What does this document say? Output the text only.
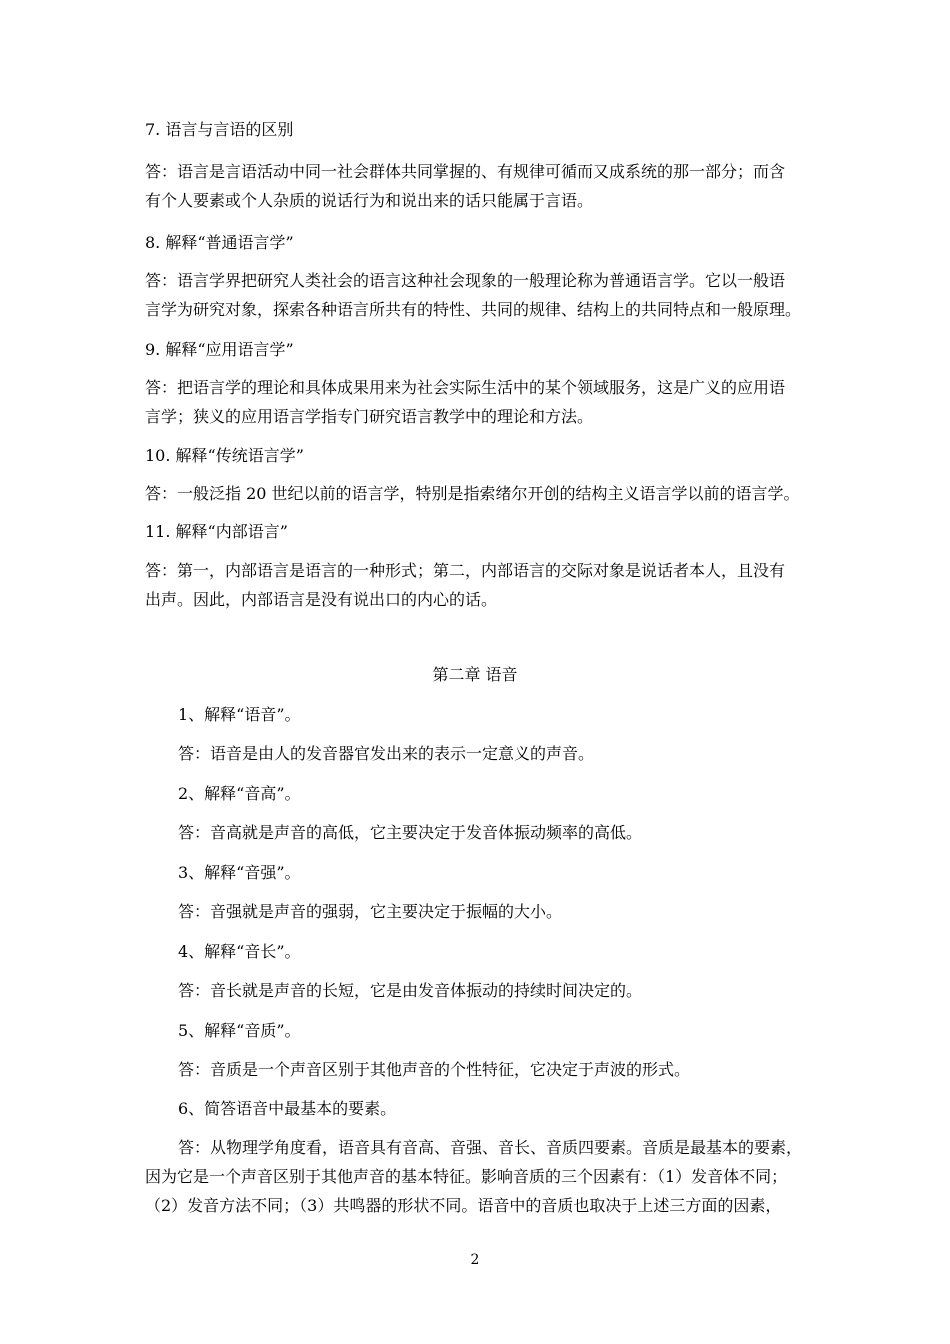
7. 语言与言语的区别
答：语言是言语活动中同一社会群体共同掌握的、有规律可循而又成系统的那一部分；而含
有个人要素或个人杂质的说话行为和说出来的话只能属于言语。
8. 解释“普通语言学”
答：语言学界把研究人类社会的语言这种社会现象的一般理论称为普通语言学。它以一般语
言学为研究对象，探索各种语言所共有的特性、共同的规律、结构上的共同特点和一般原理。
9. 解释“应用语言学”
答：把语言学的理论和具体成果用来为社会实际生活中的某个领域服务，这是广义的应用语
言学；狭义的应用语言学指专门研究语言教学中的理论和方法。
10. 解释“传统语言学”
答：一般泛指 20 世纪以前的语言学，特别是指索绪尔开创的结构主义语言学以前的语言学。
11. 解释“内部语言”
答：第一，内部语言是语言的一种形式；第二，内部语言的交际对象是说话者本人，且没有
出声。因此，内部语言是没有说出口的内心的话。
第二章 语音
1、解释“语音”。
答：语音是由人的发音器官发出来的表示一定意义的声音。
2、解释“音高”。
答：音高就是声音的高低，它主要决定于发音体振动频率的高低。
3、解释“音强”。
答：音强就是声音的强弱，它主要决定于振幅的大小。
4、解释“音长”。
答：音长就是声音的长短，它是由发音体振动的持续时间决定的。
5、解释“音质”。
答：音质是一个声音区别于其他声音的个性特征，它决定于声波的形式。
6、简答语音中最基本的要素。
答：从物理学角度看，语音具有音高、音强、音长、音质四要素。音质是最基本的要素，
因为它是一个声音区别于其他声音的基本特征。影响音质的三个因素有：（1）发音体不同；
（2）发音方法不同；（3）共鸣器的形状不同。语音中的音质也取决于上述三方面的因素，
2
